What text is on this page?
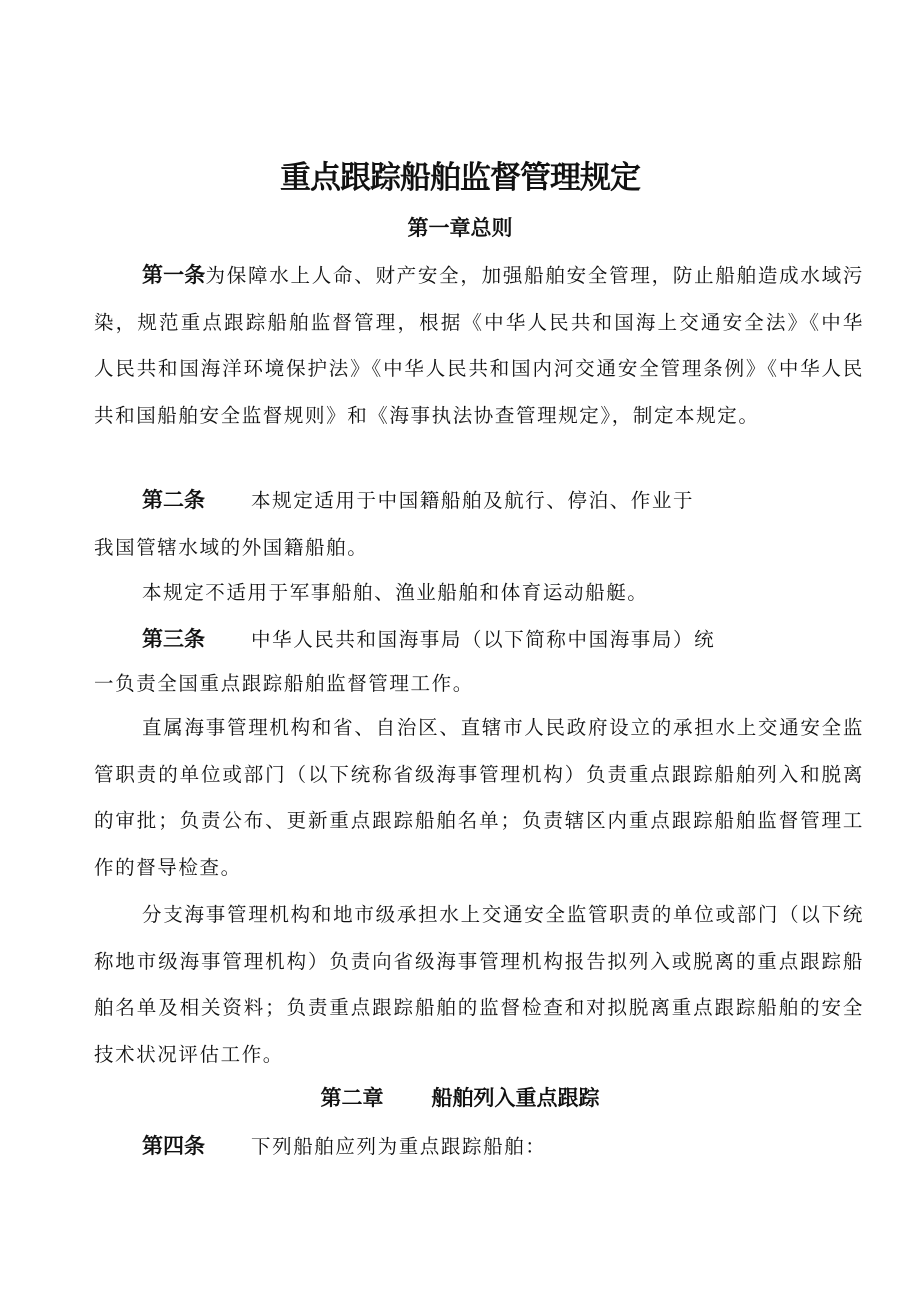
重点跟踪船舶监督管理规定
第一章总则
第一条为保障水上人命、财产安全，加强船舶安全管理，防止船舶造成水域污染，规范重点跟踪船舶监督管理，根据《中华人民共和国海上交通安全法》《中华人民共和国海洋环境保护法》《中华人民共和国内河交通安全管理条例》《中华人民共和国船舶安全监督规则》和《海事执法协查管理规定》，制定本规定。
第二条 本规定适用于中国籍船舶及航行、停泊、作业于
我国管辖水域的外国籍船舶。
本规定不适用于军事船舶、渔业船舶和体育运动船艇。
第三条 中华人民共和国海事局（以下简称中国海事局）统
一负责全国重点跟踪船舶监督管理工作。
直属海事管理机构和省、自治区、直辖市人民政府设立的承担水上交通安全监管职责的单位或部门（以下统称省级海事管理机构）负责重点跟踪船舶列入和脱离的审批；负责公布、更新重点跟踪船舶名单；负责辖区内重点跟踪船舶监督管理工作的督导检查。
分支海事管理机构和地市级承担水上交通安全监管职责的单位或部门（以下统称地市级海事管理机构）负责向省级海事管理机构报告拟列入或脱离的重点跟踪船舶名单及相关资料；负责重点跟踪船舶的监督检查和对拟脱离重点跟踪船舶的安全技术状况评估工作。
第二章 船舶列入重点跟踪
第四条 下列船舶应列为重点跟踪船舶：
